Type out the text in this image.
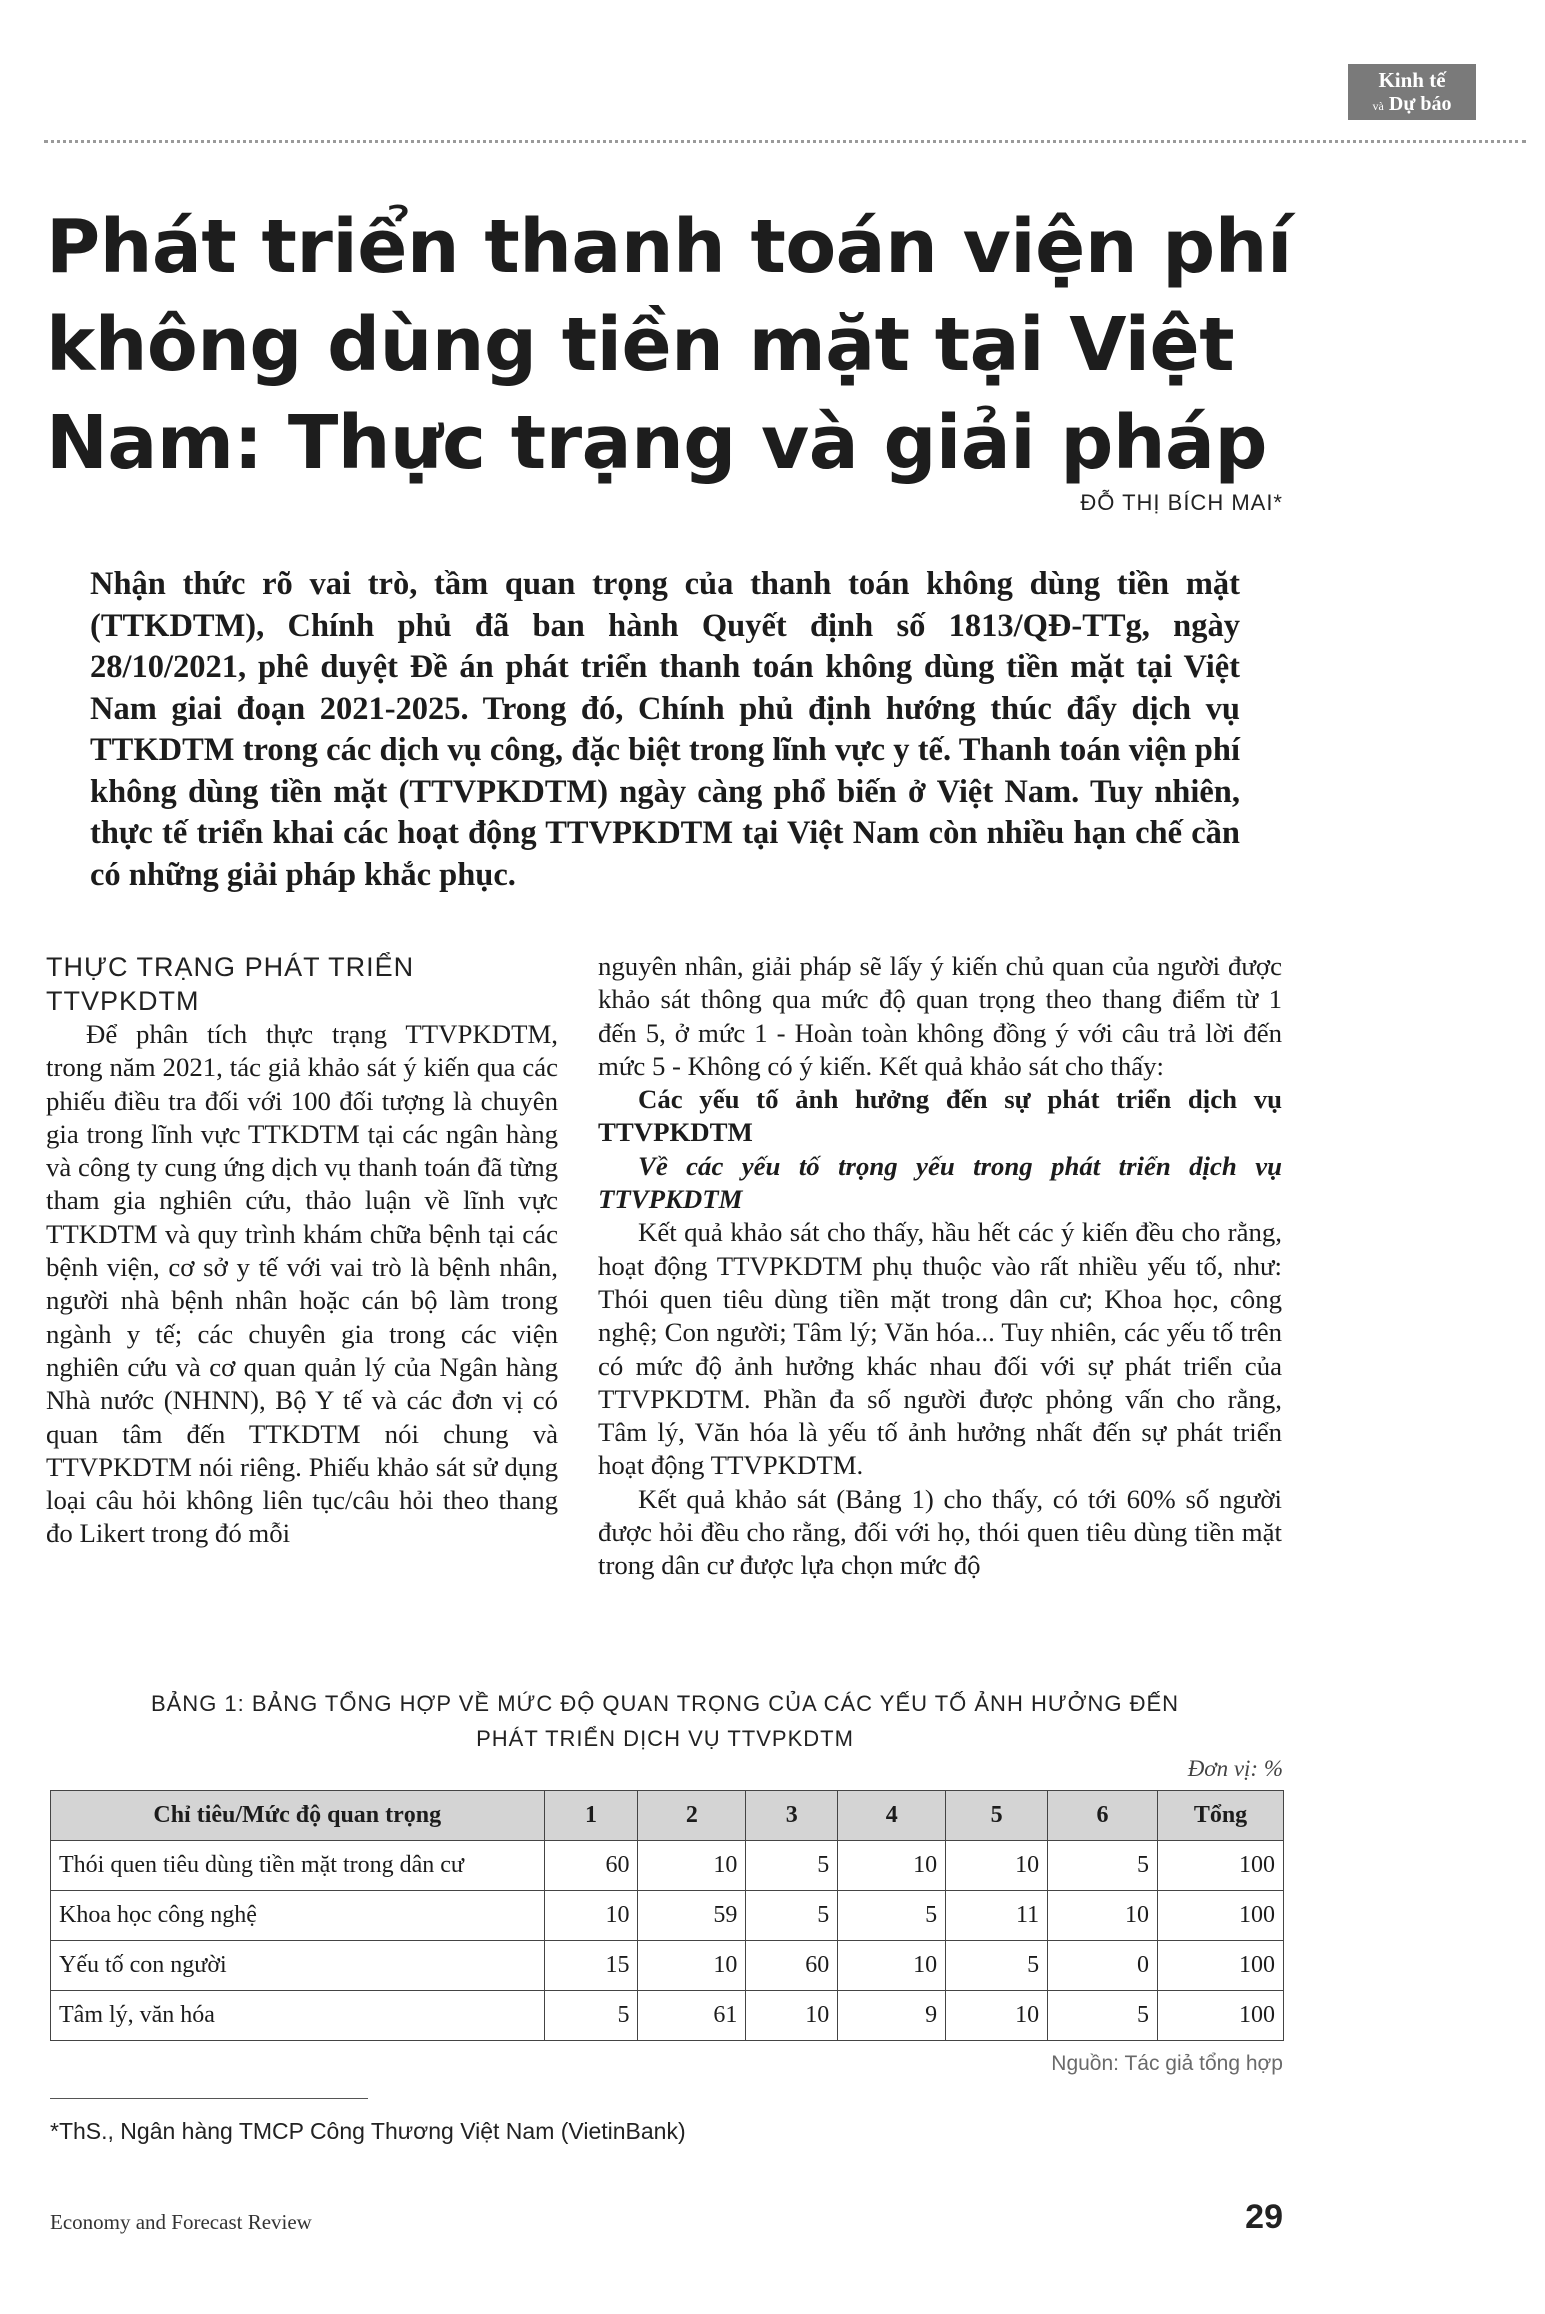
Kinh tế
và Dự báo
Phát triển thanh toán viện phí không dùng tiền mặt tại Việt Nam: Thực trạng và giải pháp
ĐỖ THỊ BÍCH MAI*

Nhận thức rõ vai trò, tầm quan trọng của thanh toán không dùng tiền mặt (TTKDTM), Chính phủ đã ban hành Quyết định số 1813/QĐ-TTg, ngày 28/10/2021, phê duyệt Đề án phát triển thanh toán không dùng tiền mặt tại Việt Nam giai đoạn 2021-2025. Trong đó, Chính phủ định hướng thúc đẩy dịch vụ TTKDTM trong các dịch vụ công, đặc biệt trong lĩnh vực y tế. Thanh toán viện phí không dùng tiền mặt (TTVPKDTM) ngày càng phổ biến ở Việt Nam. Tuy nhiên, thực tế triển khai các hoạt động TTVPKDTM tại Việt Nam còn nhiều hạn chế cần có những giải pháp khắc phục.

THỰC TRẠNG PHÁT TRIỂN TTVPKDTM

Để phân tích thực trạng TTVPKDTM, trong năm 2021, tác giả khảo sát ý kiến qua các phiếu điều tra đối với 100 đối tượng là chuyên gia trong lĩnh vực TTKDTM tại các ngân hàng và công ty cung ứng dịch vụ thanh toán đã từng tham gia nghiên cứu, thảo luận về lĩnh vực TTKDTM và quy trình khám chữa bệnh tại các bệnh viện, cơ sở y tế với vai trò là bệnh nhân, người nhà bệnh nhân hoặc cán bộ làm trong ngành y tế; các chuyên gia trong các viện nghiên cứu và cơ quan quản lý của Ngân hàng Nhà nước (NHNN), Bộ Y tế và các đơn vị có quan tâm đến TTKDTM nói chung và TTVPKDTM nói riêng. Phiếu khảo sát sử dụng loại câu hỏi không liên tục/câu hỏi theo thang đo Likert trong đó mỗi

nguyên nhân, giải pháp sẽ lấy ý kiến chủ quan của người được khảo sát thông qua mức độ quan trọng theo thang điểm từ 1 đến 5, ở mức 1 - Hoàn toàn không đồng ý với câu trả lời đến mức 5 - Không có ý kiến. Kết quả khảo sát cho thấy:

Các yếu tố ảnh hưởng đến sự phát triển dịch vụ TTVPKDTM

Về các yếu tố trọng yếu trong phát triển dịch vụ TTVPKDTM

Kết quả khảo sát cho thấy, hầu hết các ý kiến đều cho rằng, hoạt động TTVPKDTM phụ thuộc vào rất nhiều yếu tố, như: Thói quen tiêu dùng tiền mặt trong dân cư; Khoa học, công nghệ; Con người; Tâm lý; Văn hóa... Tuy nhiên, các yếu tố trên có mức độ ảnh hưởng khác nhau đối với sự phát triển của TTVPKDTM. Phần đa số người được phỏng vấn cho rằng, Tâm lý, Văn hóa là yếu tố ảnh hưởng nhất đến sự phát triển hoạt động TTVPKDTM.

Kết quả khảo sát (Bảng 1) cho thấy, có tới 60% số người được hỏi đều cho rằng, đối với họ, thói quen tiêu dùng tiền mặt trong dân cư được lựa chọn mức độ

BẢNG 1: BẢNG TỔNG HỢP VỀ MỨC ĐỘ QUAN TRỌNG CỦA CÁC YẾU TỐ ẢNH HƯỞNG ĐẾN
PHÁT TRIỂN DỊCH VỤ TTVPKDTM
Đơn vị: %
Chỉ tiêu/Mức độ quan trọng	1	2	3	4	5	6	Tổng
Thói quen tiêu dùng tiền mặt trong dân cư	60	10	5	10	10	5	100
Khoa học công nghệ	10	59	5	5	11	10	100
Yếu tố con người	15	10	60	10	5	0	100
Tâm lý, văn hóa	5	61	10	9	10	5	100
Nguồn: Tác giả tổng hợp
*ThS., Ngân hàng TMCP Công Thương Việt Nam (VietinBank)
Economy and Forecast Review	29
